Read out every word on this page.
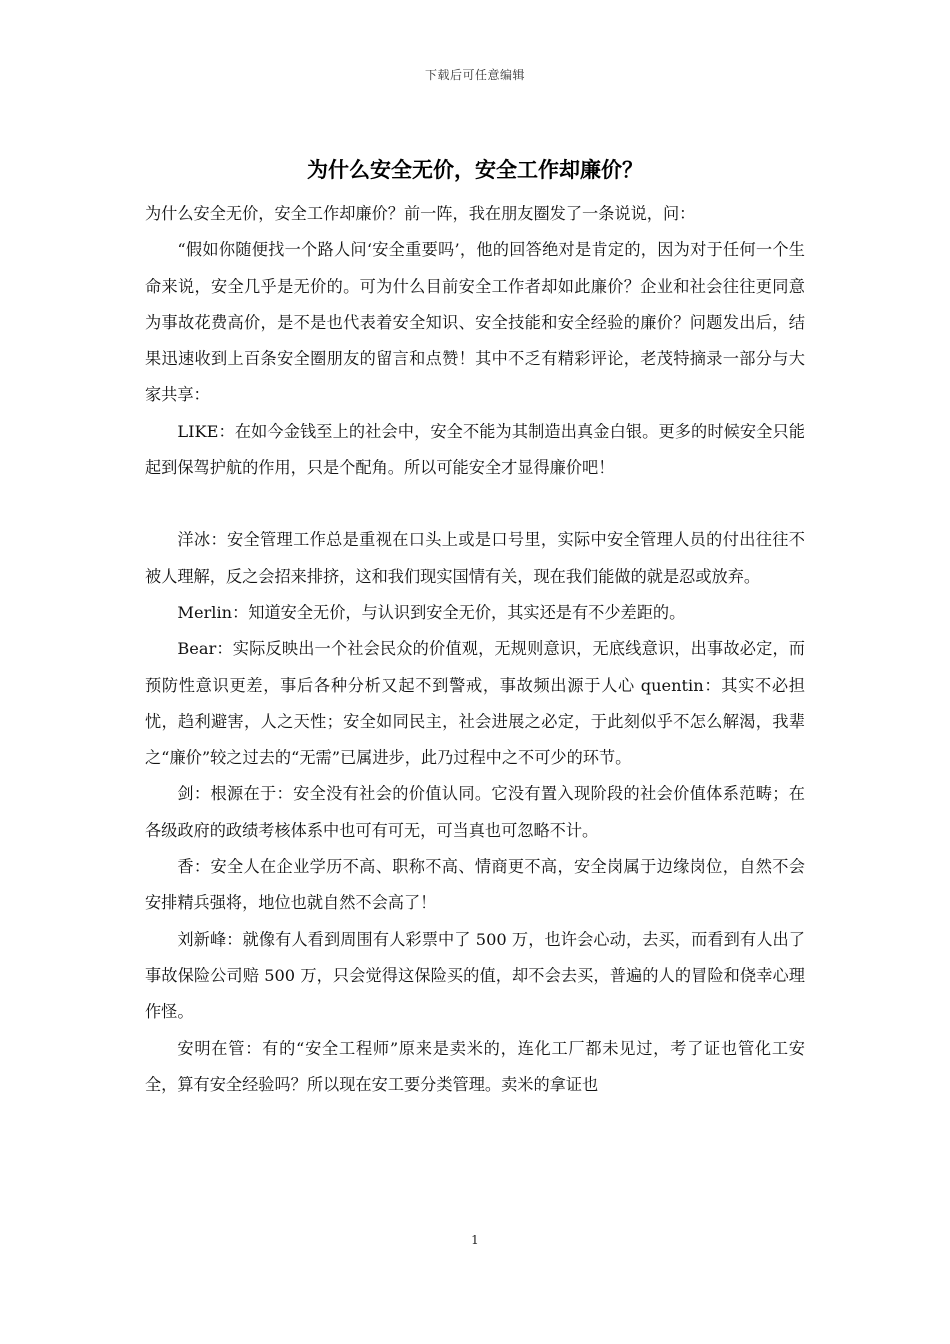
下载后可任意编辑
为什么安全无价，安全工作却廉价？

为什么安全无价，安全工作却廉价？前一阵，我在朋友圈发了一条说说，问：

“假如你随便找一个路人问‘安全重要吗’，他的回答绝对是肯定的，因为对于任何一个生命来说，安全几乎是无价的。可为什么目前安全工作者却如此廉价？企业和社会往往更同意为事故花费高价，是不是也代表着安全知识、安全技能和安全经验的廉价？问题发出后，结果迅速收到上百条安全圈朋友的留言和点赞！其中不乏有精彩评论，老茂特摘录一部分与大家共享：

LIKE：在如今金钱至上的社会中，安全不能为其制造出真金白银。更多的时候安全只能起到保驾护航的作用，只是个配角。所以可能安全才显得廉价吧！

洋冰：安全管理工作总是重视在口头上或是口号里，实际中安全管理人员的付出往往不被人理解，反之会招来排挤，这和我们现实国情有关，现在我们能做的就是忍或放弃。

Merlin：知道安全无价，与认识到安全无价，其实还是有不少差距的。

Bear：实际反映出一个社会民众的价值观，无规则意识，无底线意识，出事故必定，而预防性意识更差，事后各种分析又起不到警戒，事故频出源于人心 quentin：其实不必担忧，趋利避害，人之天性；安全如同民主，社会进展之必定，于此刻似乎不怎么解渴，我辈之“廉价”较之过去的“无需”已属进步，此乃过程中之不可少的环节。

剑：根源在于：安全没有社会的价值认同。它没有置入现阶段的社会价值体系范畴；在各级政府的政绩考核体系中也可有可无，可当真也可忽略不计。

香：安全人在企业学历不高、职称不高、情商更不高，安全岗属于边缘岗位，自然不会安排精兵强将，地位也就自然不会高了！

刘新峰：就像有人看到周围有人彩票中了 500 万，也许会心动，去买，而看到有人出了事故保险公司赔 500 万，只会觉得这保险买的值，却不会去买，普遍的人的冒险和侥幸心理作怪。

安明在管：有的“安全工程师”原来是卖米的，连化工厂都未见过，考了证也管化工安全，算有安全经验吗？所以现在安工要分类管理。卖米的拿证也

1
